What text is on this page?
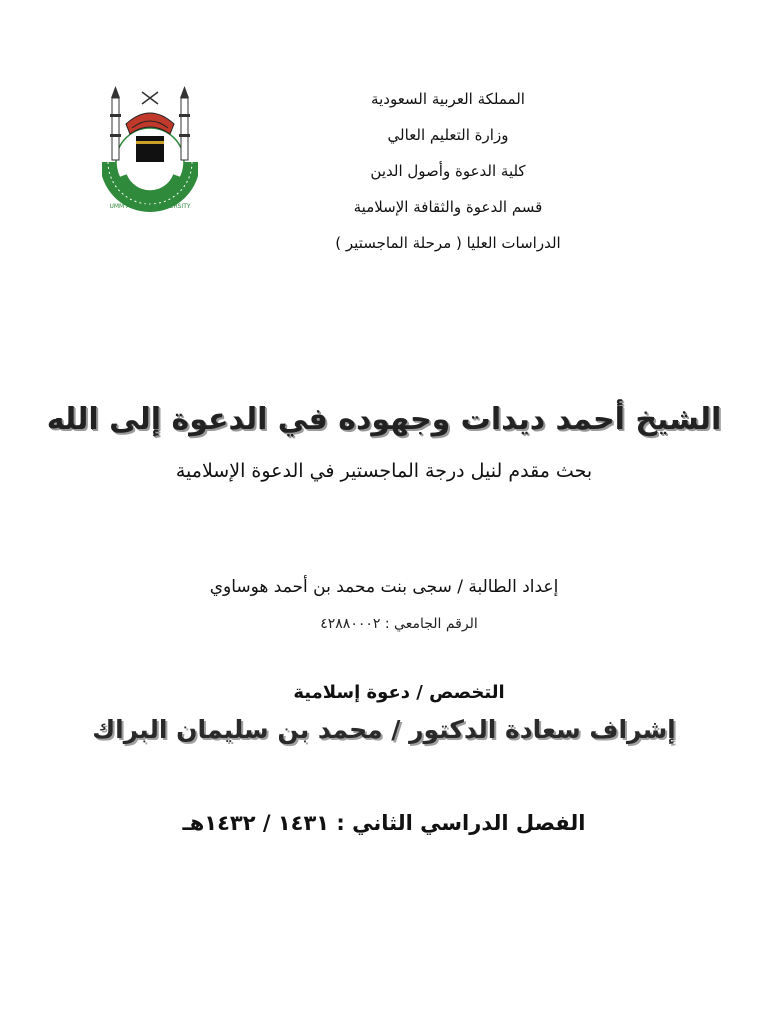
UMM AL-QURA UNIVERSITY
المملكة العربية السعودية
وزارة التعليم العالي
كلية الدعوة وأصول الدين
قسم الدعوة والثقافة الإسلامية
الدراسات العليا ( مرحلة الماجستير )
الشيخ أحمد ديدات وجهوده في الدعوة إلى الله
بحث مقدم لنيل درجة الماجستير في الدعوة الإسلامية
إعداد الطالبة / سجى بنت محمد بن أحمد هوساوي
الرقم الجامعي : ٤٢٨٨٠٠٠٢
التخصص / دعوة إسلامية
إشراف سعادة الدكتور / محمد بن سليمان البراك
الفصل الدراسي الثاني : ١٤٣١ / ١٤٣٢هـ
